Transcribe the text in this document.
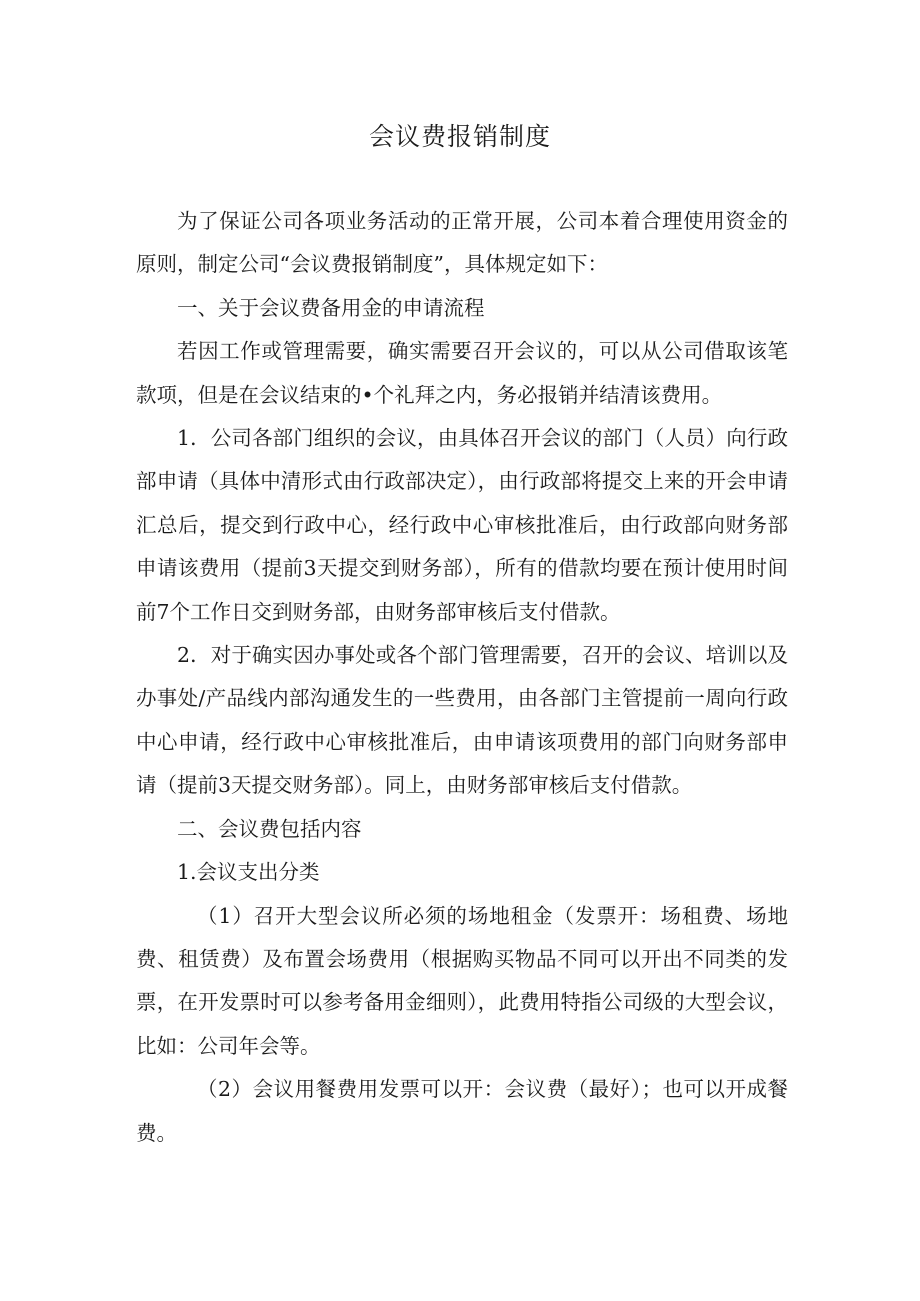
会议费报销制度

为了保证公司各项业务活动的正常开展，公司本着合理使用资金的原则，制定公司“会议费报销制度”，具体规定如下：

一、关于会议费备用金的申请流程

若因工作或管理需要，确实需要召开会议的，可以从公司借取该笔款项，但是在会议结束的•个礼拜之内，务必报销并结清该费用。

1．公司各部门组织的会议，由具体召开会议的部门（人员）向行政部申请（具体中清形式由行政部决定），由行政部将提交上来的开会申请汇总后，提交到行政中心，经行政中心审核批准后，由行政部向财务部申请该费用（提前3天提交到财务部），所有的借款均要在预计使用时间前7个工作日交到财务部，由财务部审核后支付借款。

2．对于确实因办事处或各个部门管理需要，召开的会议、培训以及办事处/产品线内部沟通发生的一些费用，由各部门主管提前一周向行政中心申请，经行政中心审核批准后，由申请该项费用的部门向财务部申请（提前3天提交财务部）。同上，由财务部审核后支付借款。

二、会议费包括内容

1.会议支出分类

（1）召开大型会议所必须的场地租金（发票开：场租费、场地费、租赁费）及布置会场费用（根据购买物品不同可以开出不同类的发票，在开发票时可以参考备用金细则），此费用特指公司级的大型会议，比如：公司年会等。

（2）会议用餐费用发票可以开：会议费（最好）；也可以开成餐费。
